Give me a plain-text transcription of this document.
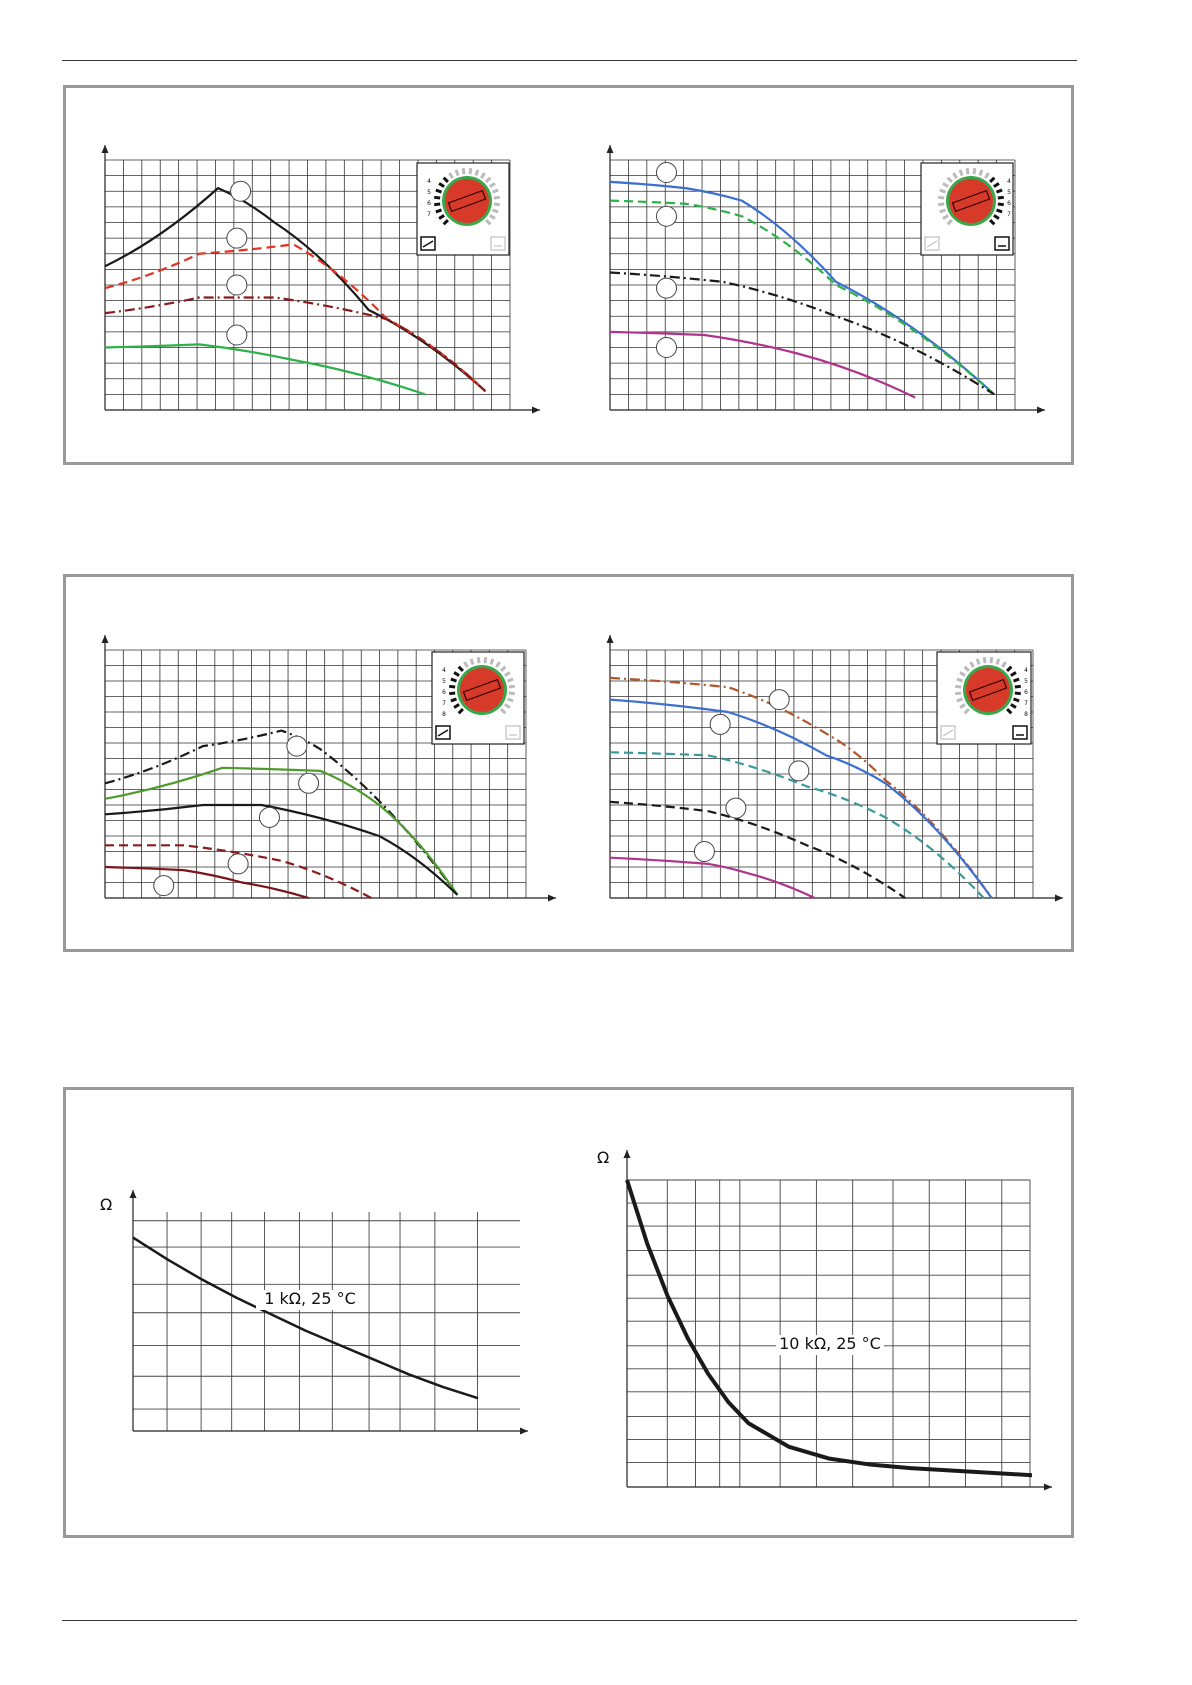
4
5
6
7
4
5
6
7
4
5
6
7
8
4
5
6
7
8
Ω
1 kΩ, 25 °C
Ω
10 kΩ, 25 °C
